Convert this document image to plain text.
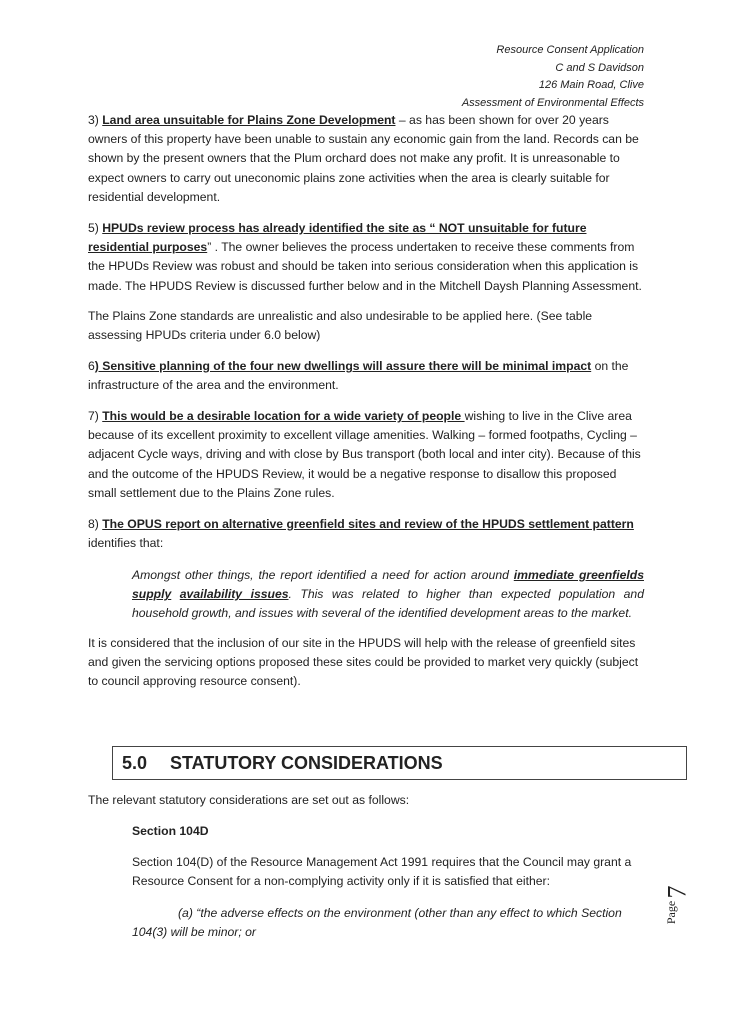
Resource Consent Application
C and S Davidson
126 Main Road, Clive
Assessment of Environmental Effects
3) Land area unsuitable for Plains Zone Development – as has been shown for over 20 years owners of this property have been unable to sustain any economic gain from the land. Records can be shown by the present owners that the Plum orchard does not make any profit. It is unreasonable to expect owners to carry out uneconomic plains zone activities when the area is clearly suitable for residential development.
5) HPUDs review process has already identified the site as “ NOT unsuitable for future residential purposes” . The owner believes the process undertaken to receive these comments from the HPUDs Review was robust and should be taken into serious consideration when this application is made. The HPUDS Review is discussed further below and in the Mitchell Daysh Planning Assessment.
The Plains Zone standards are unrealistic and also undesirable to be applied here. (See table assessing HPUDs criteria under 6.0 below)
6) Sensitive planning of the four new dwellings will assure there will be minimal impact on the infrastructure of the area and the environment.
7) This would be a desirable location for a wide variety of people wishing to live in the Clive area because of its excellent proximity to excellent village amenities. Walking – formed footpaths, Cycling – adjacent Cycle ways, driving and with close by Bus transport (both local and inter city). Because of this and the outcome of the HPUDS Review, it would be a negative response to disallow this proposed small settlement due to the Plains Zone rules.
8) The OPUS report on alternative greenfield sites and review of the HPUDS settlement pattern identifies that:
Amongst other things, the report identified a need for action around immediate greenfields supply availability issues. This was related to higher than expected population and household growth, and issues with several of the identified development areas to the market.
It is considered that the inclusion of our site in the HPUDS will help with the release of greenfield sites and given the servicing options proposed these sites could be provided to market very quickly (subject to council approving resource consent).
5.0 STATUTORY CONSIDERATIONS
The relevant statutory considerations are set out as follows:
Section 104D
Section 104(D) of the Resource Management Act 1991 requires that the Council may grant a Resource Consent for a non-complying activity only if it is satisfied that either:
(a) “the adverse effects on the environment (other than any effect to which Section 104(3) will be minor; or
Page
7
